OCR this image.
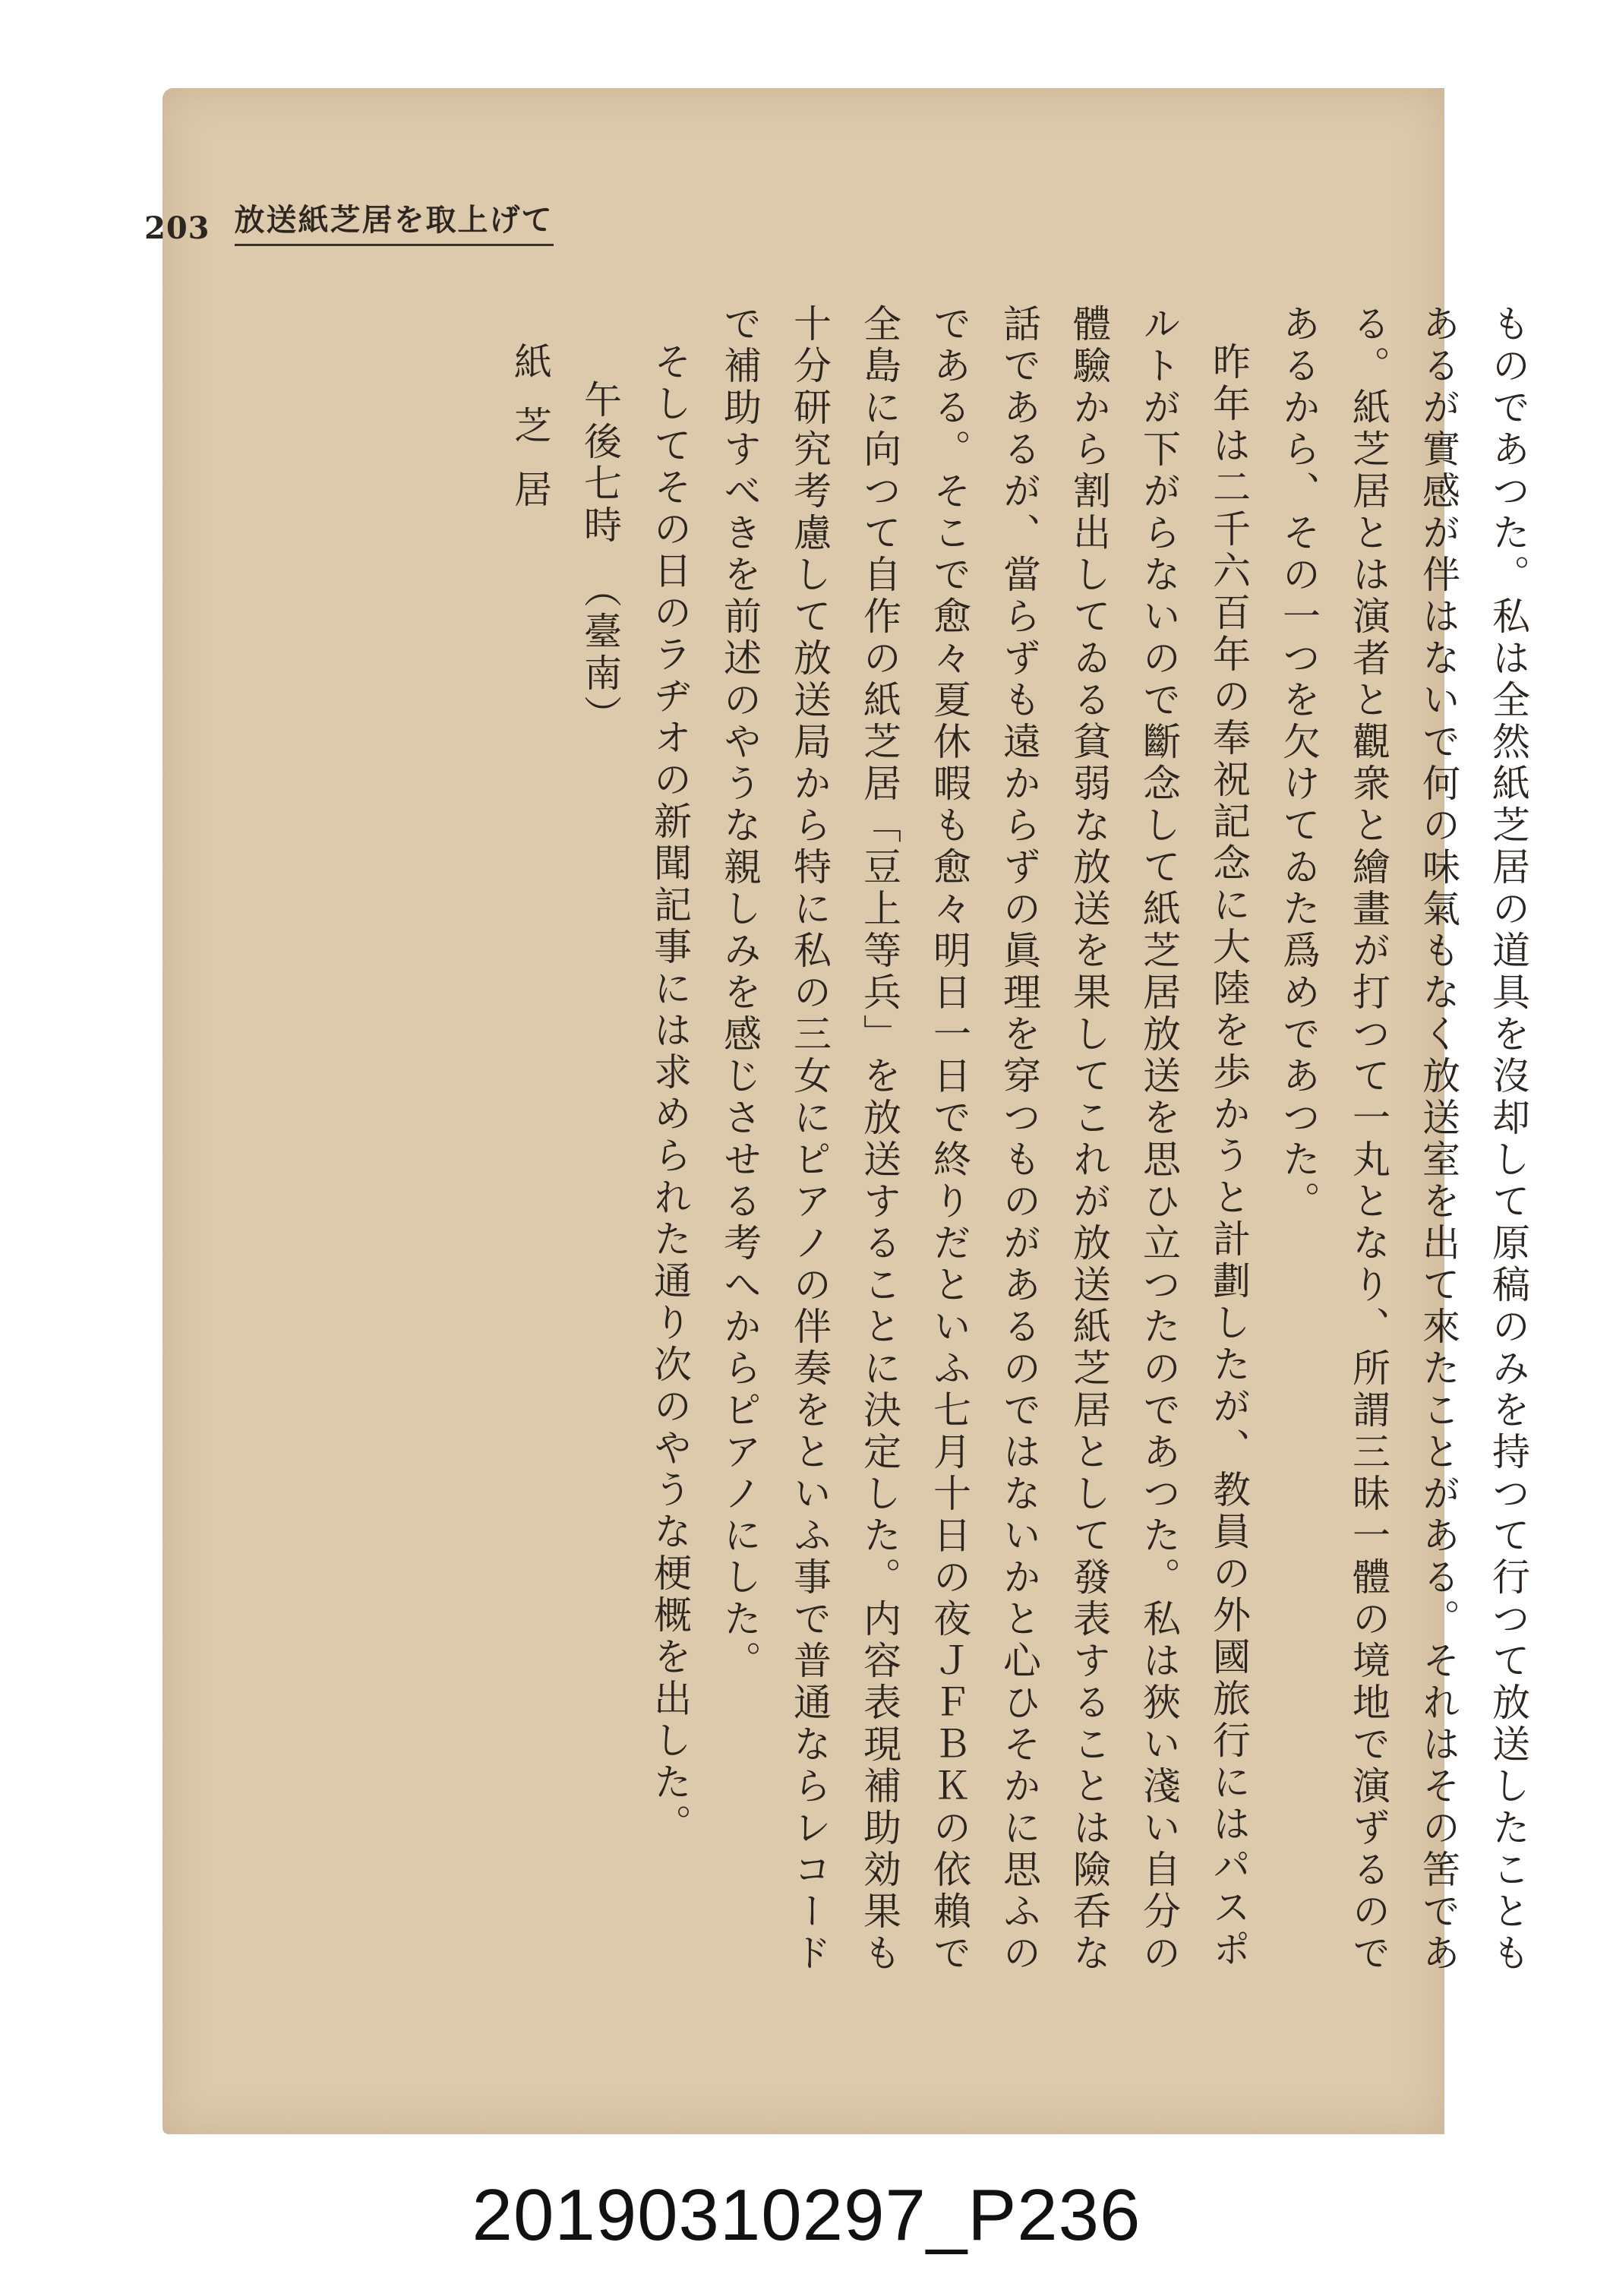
203 放送紙芝居を取上げて

ものであつた。私は全然紙芝居の道具を沒却して原稿のみを持つて行つて放送したこともあるが實感が伴はないで何の味氣もなく放送室を出て來たことがある。それはその筈である。紙芝居とは演者と觀衆と繪畫が打つて一丸となり、所謂三昧一體の境地で演ずるのであるから、その一つを欠けてゐた爲めであつた。

昨年は二千六百年の奉祝記念に大陸を歩かうと計劃したが、教員の外國旅行にはパスポルトが下がらないので斷念して紙芝居放送を思ひ立つたのであつた。私は狹い淺い自分の體驗から割出してゐる貧弱な放送を果してこれが放送紙芝居として發表することは險呑な話であるが、當らずも遠からずの眞理を穿つものがあるのではないかと心ひそかに思ふのである。そこで愈々夏休暇も愈々明日一日で終りだといふ七月十日の夜ＪＦＢＫの依賴で全島に向つて自作の紙芝居「豆上等兵」を放送することに決定した。内容表現補助効果も十分研究考慮して放送局から特に私の三女にピアノの伴奏をといふ事で普通ならレコードで補助すべきを前述のやうな親しみを感じさせる考へからピアノにした。

そしてその日のラヂオの新聞記事には求められた通り次のやうな梗概を出した。

午後七時（臺南）

紙芝居

20190310297_P236
